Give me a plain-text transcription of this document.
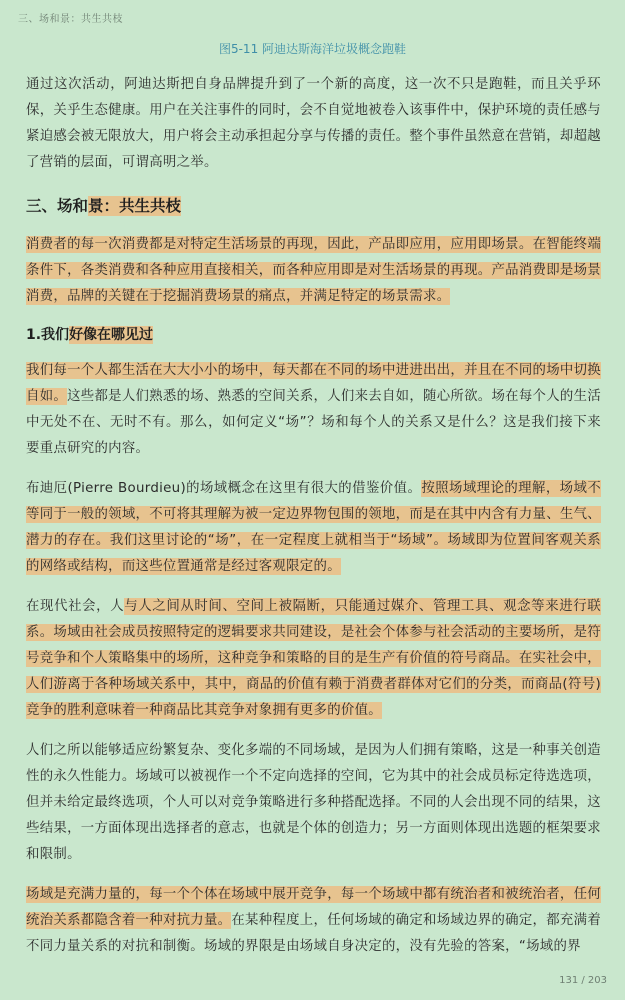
三、场和景：共生共枝
图5-11 阿迪达斯海洋垃圾概念跑鞋

通过这次活动，阿迪达斯把自身品牌提升到了一个新的高度，这一次不只是跑鞋，而且关乎环保，关乎生态健康。用户在关注事件的同时，会不自觉地被卷入该事件中，保护环境的责任感与紧迫感会被无限放大，用户将会主动承担起分享与传播的责任。整个事件虽然意在营销，却超越了营销的层面，可谓高明之举。

三、场和景：共生共枝

消费者的每一次消费都是对特定生活场景的再现，因此，产品即应用，应用即场景。在智能终端条件下，各类消费和各种应用直接相关，而各种应用即是对生活场景的再现。产品消费即是场景消费，品牌的关键在于挖掘消费场景的痛点，并满足特定的场景需求。

1.我们好像在哪见过

我们每一个人都生活在大大小小的场中，每天都在不同的场中进进出出，并且在不同的场中切换自如。这些都是人们熟悉的场、熟悉的空间关系，人们来去自如，随心所欲。场在每个人的生活中无处不在、无时不有。那么，如何定义“场”？场和每个人的关系又是什么？这是我们接下来要重点研究的内容。

布迪厄(Pierre Bourdieu)的场域概念在这里有很大的借鉴价值。按照场域理论的理解，场域不等同于一般的领域，不可将其理解为被一定边界物包围的领地，而是在其中内含有力量、生气、潜力的存在。我们这里讨论的“场”，在一定程度上就相当于“场域”。场域即为位置间客观关系的网络或结构，而这些位置通常是经过客观限定的。

在现代社会，人与人之间从时间、空间上被隔断，只能通过媒介、管理工具、观念等来进行联系。场域由社会成员按照特定的逻辑要求共同建设，是社会个体参与社会活动的主要场所，是符号竞争和个人策略集中的场所，这种竞争和策略的目的是生产有价值的符号商品。在实社会中，人们游离于各种场域关系中，其中，商品的价值有赖于消费者群体对它们的分类，而商品(符号)竞争的胜利意味着一种商品比其竞争对象拥有更多的价值。

人们之所以能够适应纷繁复杂、变化多端的不同场域，是因为人们拥有策略，这是一种事关创造性的永久性能力。场域可以被视作一个不定向选择的空间，它为其中的社会成员标定待选选项，但并未给定最终选项，个人可以对竞争策略进行多种搭配选择。不同的人会出现不同的结果，这些结果，一方面体现出选择者的意志，也就是个体的创造力；另一方面则体现出选题的框架要求和限制。

场域是充满力量的，每一个个体在场域中展开竞争，每一个场域中都有统治者和被统治者，任何统治关系都隐含着一种对抗力量。在某种程度上，任何场域的确定和场域边界的确定，都充满着不同力量关系的对抗和制衡。场域的界限是由场域自身决定的，没有先验的答案，“场域的界

131 / 203
